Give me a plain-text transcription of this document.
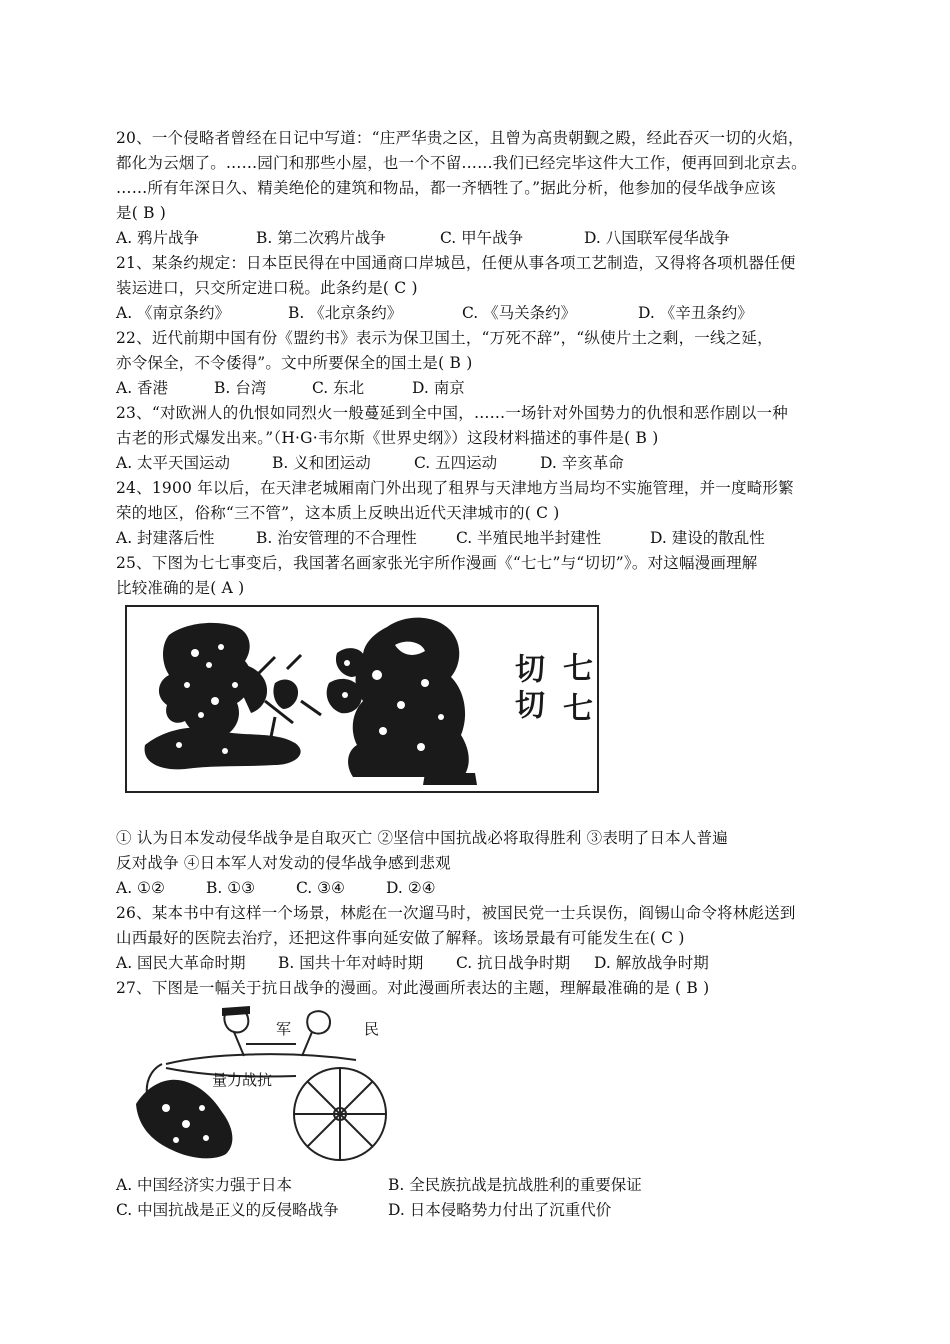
20、一个侵略者曾经在日记中写道：“庄严华贵之区，且曾为高贵朝觐之殿，经此吞灭一切的火焰，
都化为云烟了。……园门和那些小屋，也一个不留……我们已经完毕这件大工作，便再回到北京去。
……所有年深日久、精美绝伦的建筑和物品，都一齐牺牲了。”据此分析，他参加的侵华战争应该
是( B )
A. 鸦片战争	B. 第二次鸦片战争	C. 甲午战争	D. 八国联军侵华战争
21、某条约规定：日本臣民得在中国通商口岸城邑，任便从事各项工艺制造，又得将各项机器任便
装运进口，只交所定进口税。此条约是( C )
A. 《南京条约》	B. 《北京条约》	C. 《马关条约》	D. 《辛丑条约》
22、近代前期中国有份《盟约书》表示为保卫国土，“万死不辞”，“纵使片土之剩，一线之延，
亦令保全，不令倭得”。文中所要保全的国土是( B )
A. 香港	B. 台湾	C. 东北	D. 南京
23、“对欧洲人的仇恨如同烈火一般蔓延到全中国，……一场针对外国势力的仇恨和恶作剧以一种
古老的形式爆发出来。”（H·G·韦尔斯《世界史纲》）这段材料描述的事件是( B )
A. 太平天国运动	B. 义和团运动	C. 五四运动	D. 辛亥革命
24、1900 年以后，在天津老城厢南门外出现了租界与天津地方当局均不实施管理，并一度畸形繁
荣的地区，俗称“三不管”，这本质上反映出近代天津城市的( C )
A. 封建落后性	B. 治安管理的不合理性	C. 半殖民地半封建性	D. 建设的散乱性
25、下图为七七事变后，我国著名画家张光宇所作漫画《“七七”与“切切”》。对这幅漫画理解
比较准确的是( A )
切切 七七
① 认为日本发动侵华战争是自取灭亡 ②坚信中国抗战必将取得胜利 ③表明了日本人普遍
反对战争 ④日本军人对发动的侵华战争感到悲观
A. ①②	B. ①③	C. ③④	D. ②④
26、某本书中有这样一个场景，林彪在一次遛马时，被国民党一士兵误伤，阎锡山命令将林彪送到
山西最好的医院去治疗，还把这件事向延安做了解释。该场景最有可能发生在( C )
A. 国民大革命时期 B. 国共十年对峙时期 C. 抗日战争时期 D. 解放战争时期
27、下图是一幅关于抗日战争的漫画。对此漫画所表达的主题，理解最准确的是 ( B )
军	民
量力战抗
A. 中国经济实力强于日本	B. 全民族抗战是抗战胜利的重要保证
C. 中国抗战是正义的反侵略战争	D. 日本侵略势力付出了沉重代价
